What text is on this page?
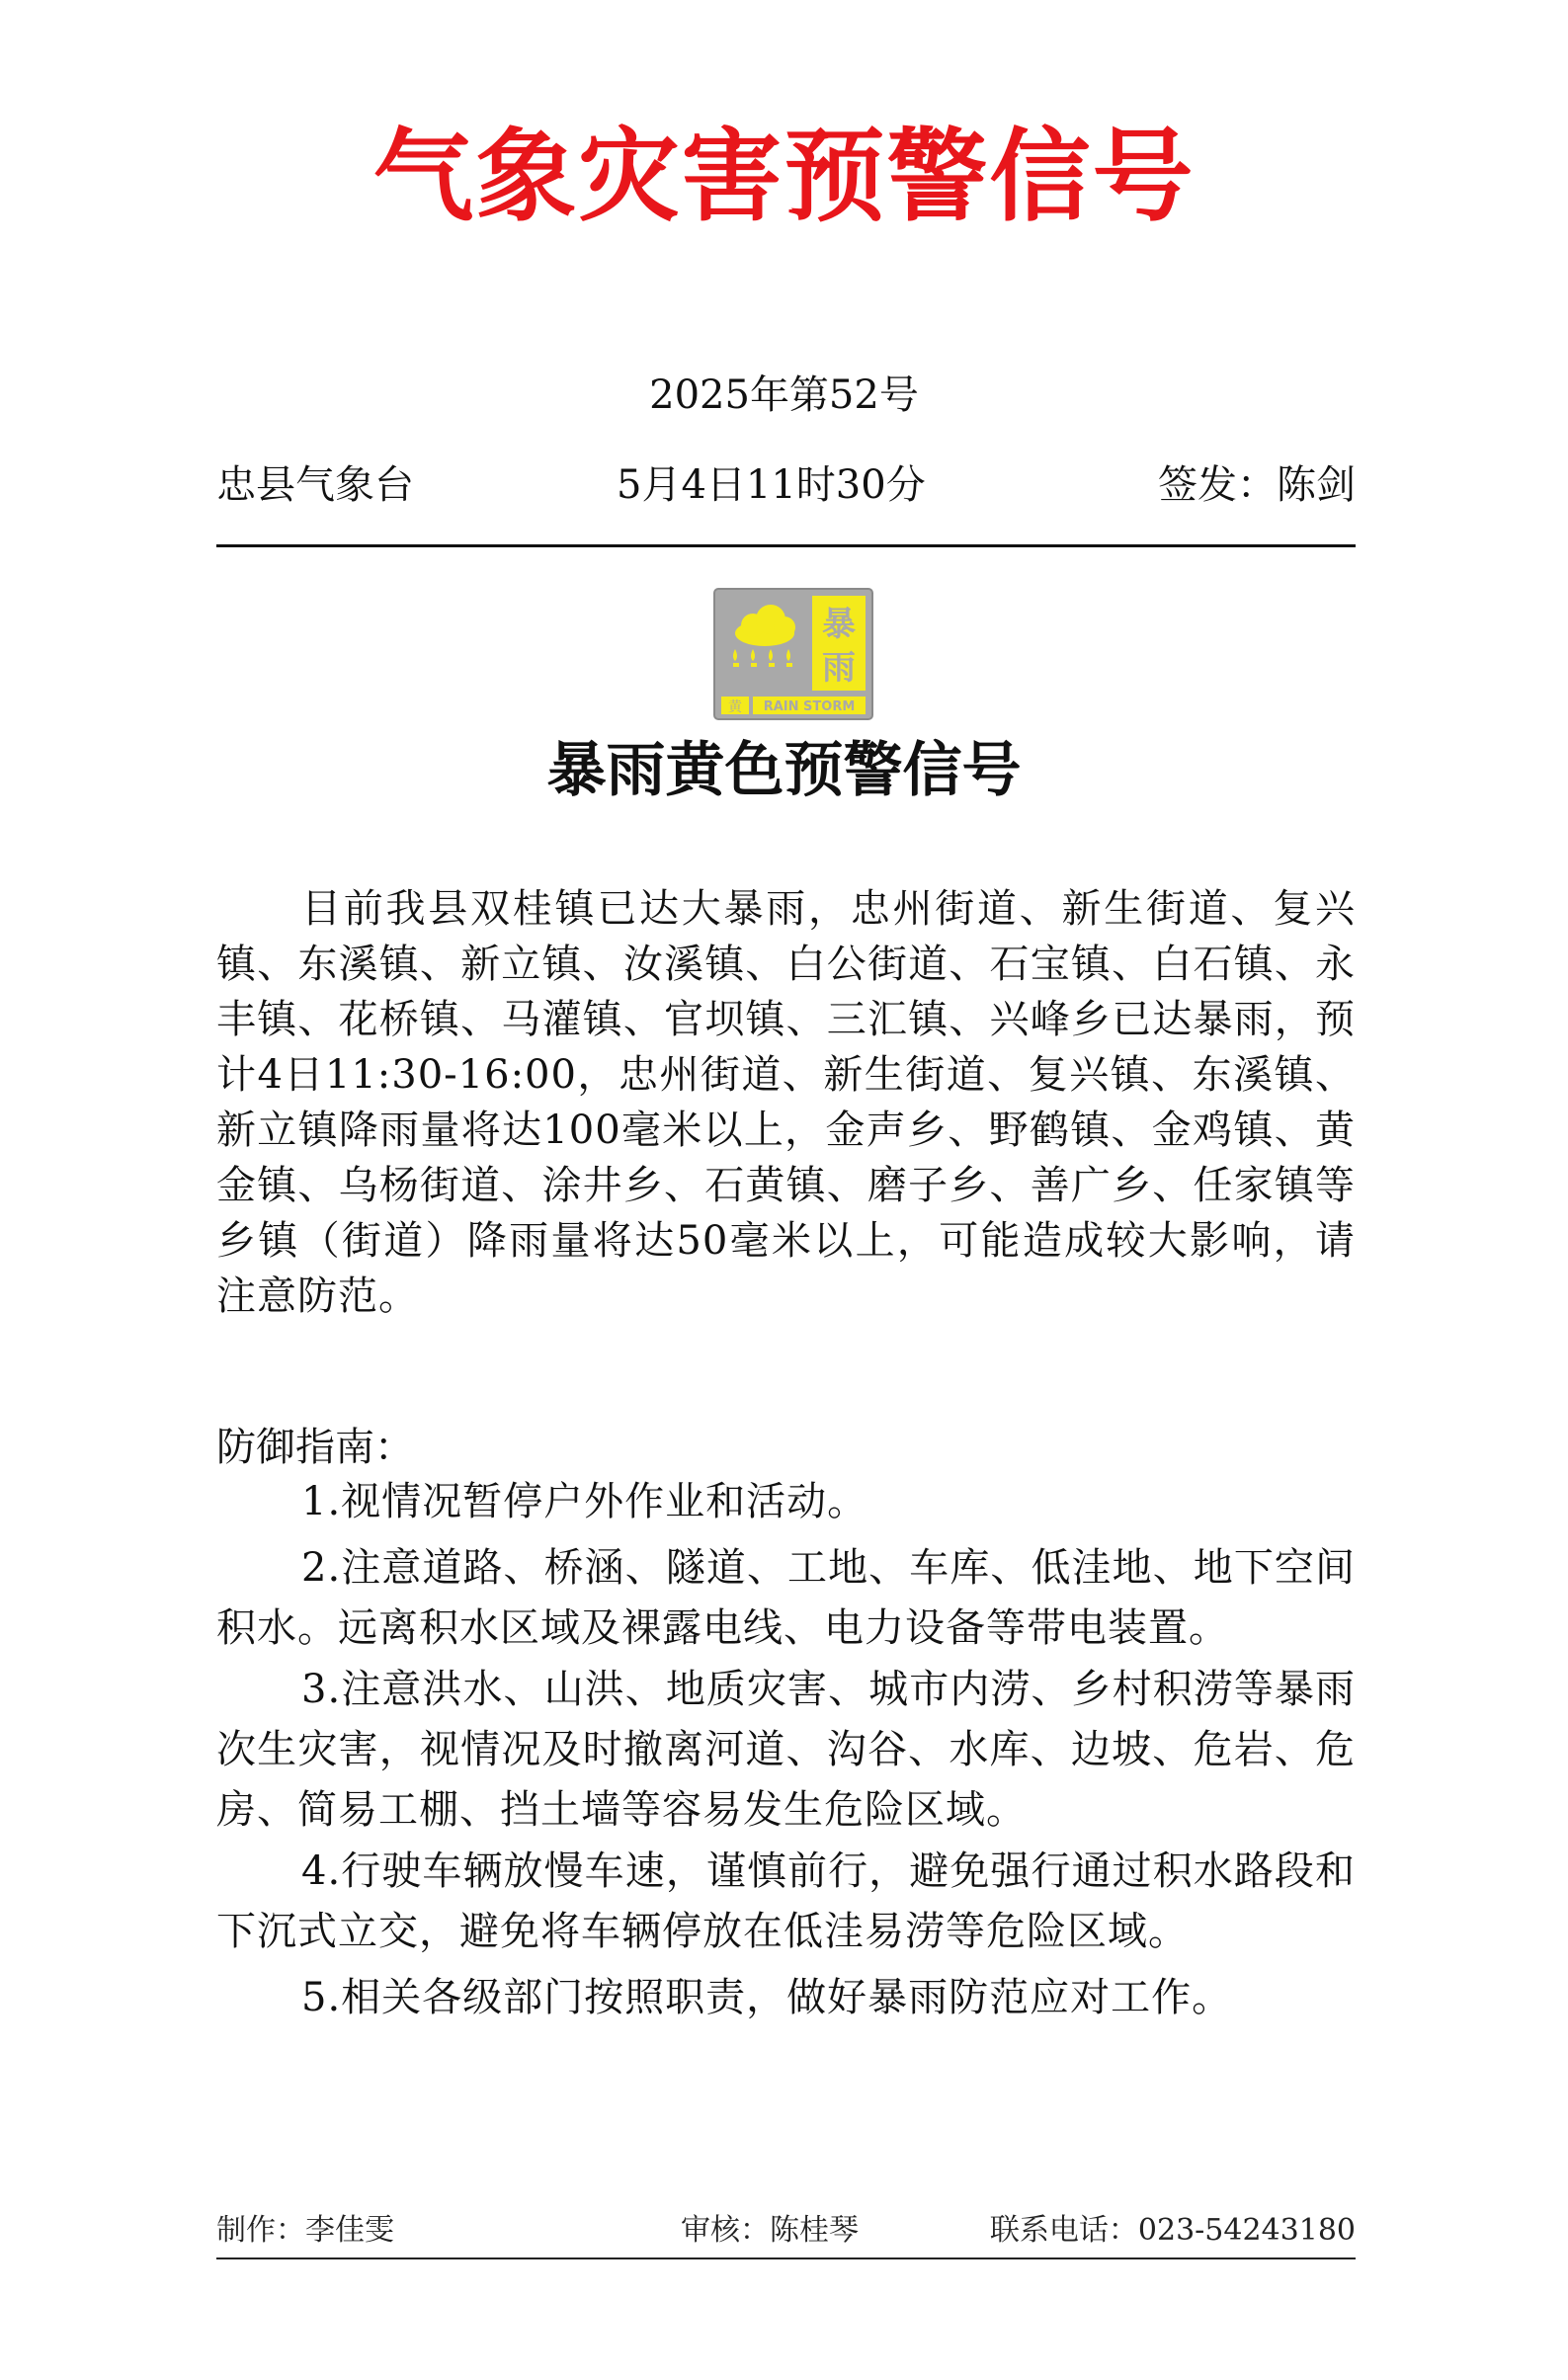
气象灾害预警信号
2025年第52号
忠县气象台	5月4日11时30分	签发：陈剑
暴
雨
黄 RAIN STORM
暴雨黄色预警信号

目前我县双桂镇已达大暴雨，忠州街道、新生街道、复兴镇、东溪镇、新立镇、汝溪镇、白公街道、石宝镇、白石镇、永丰镇、花桥镇、马灌镇、官坝镇、三汇镇、兴峰乡已达暴雨，预计4日11:30-16:00，忠州街道、新生街道、复兴镇、东溪镇、新立镇降雨量将达100毫米以上，金声乡、野鹤镇、金鸡镇、黄金镇、乌杨街道、涂井乡、石黄镇、磨子乡、善广乡、任家镇等乡镇（街道）降雨量将达50毫米以上，可能造成较大影响，请注意防范。

防御指南：

1.视情况暂停户外作业和活动。

2.注意道路、桥涵、隧道、工地、车库、低洼地、地下空间积水。远离积水区域及裸露电线、电力设备等带电装置。

3.注意洪水、山洪、地质灾害、城市内涝、乡村积涝等暴雨次生灾害，视情况及时撤离河道、沟谷、水库、边坡、危岩、危房、简易工棚、挡土墙等容易发生危险区域。

4.行驶车辆放慢车速，谨慎前行，避免强行通过积水路段和下沉式立交，避免将车辆停放在低洼易涝等危险区域。

5.相关各级部门按照职责，做好暴雨防范应对工作。

制作：李佳雯	审核：陈桂琴	联系电话：023-54243180
